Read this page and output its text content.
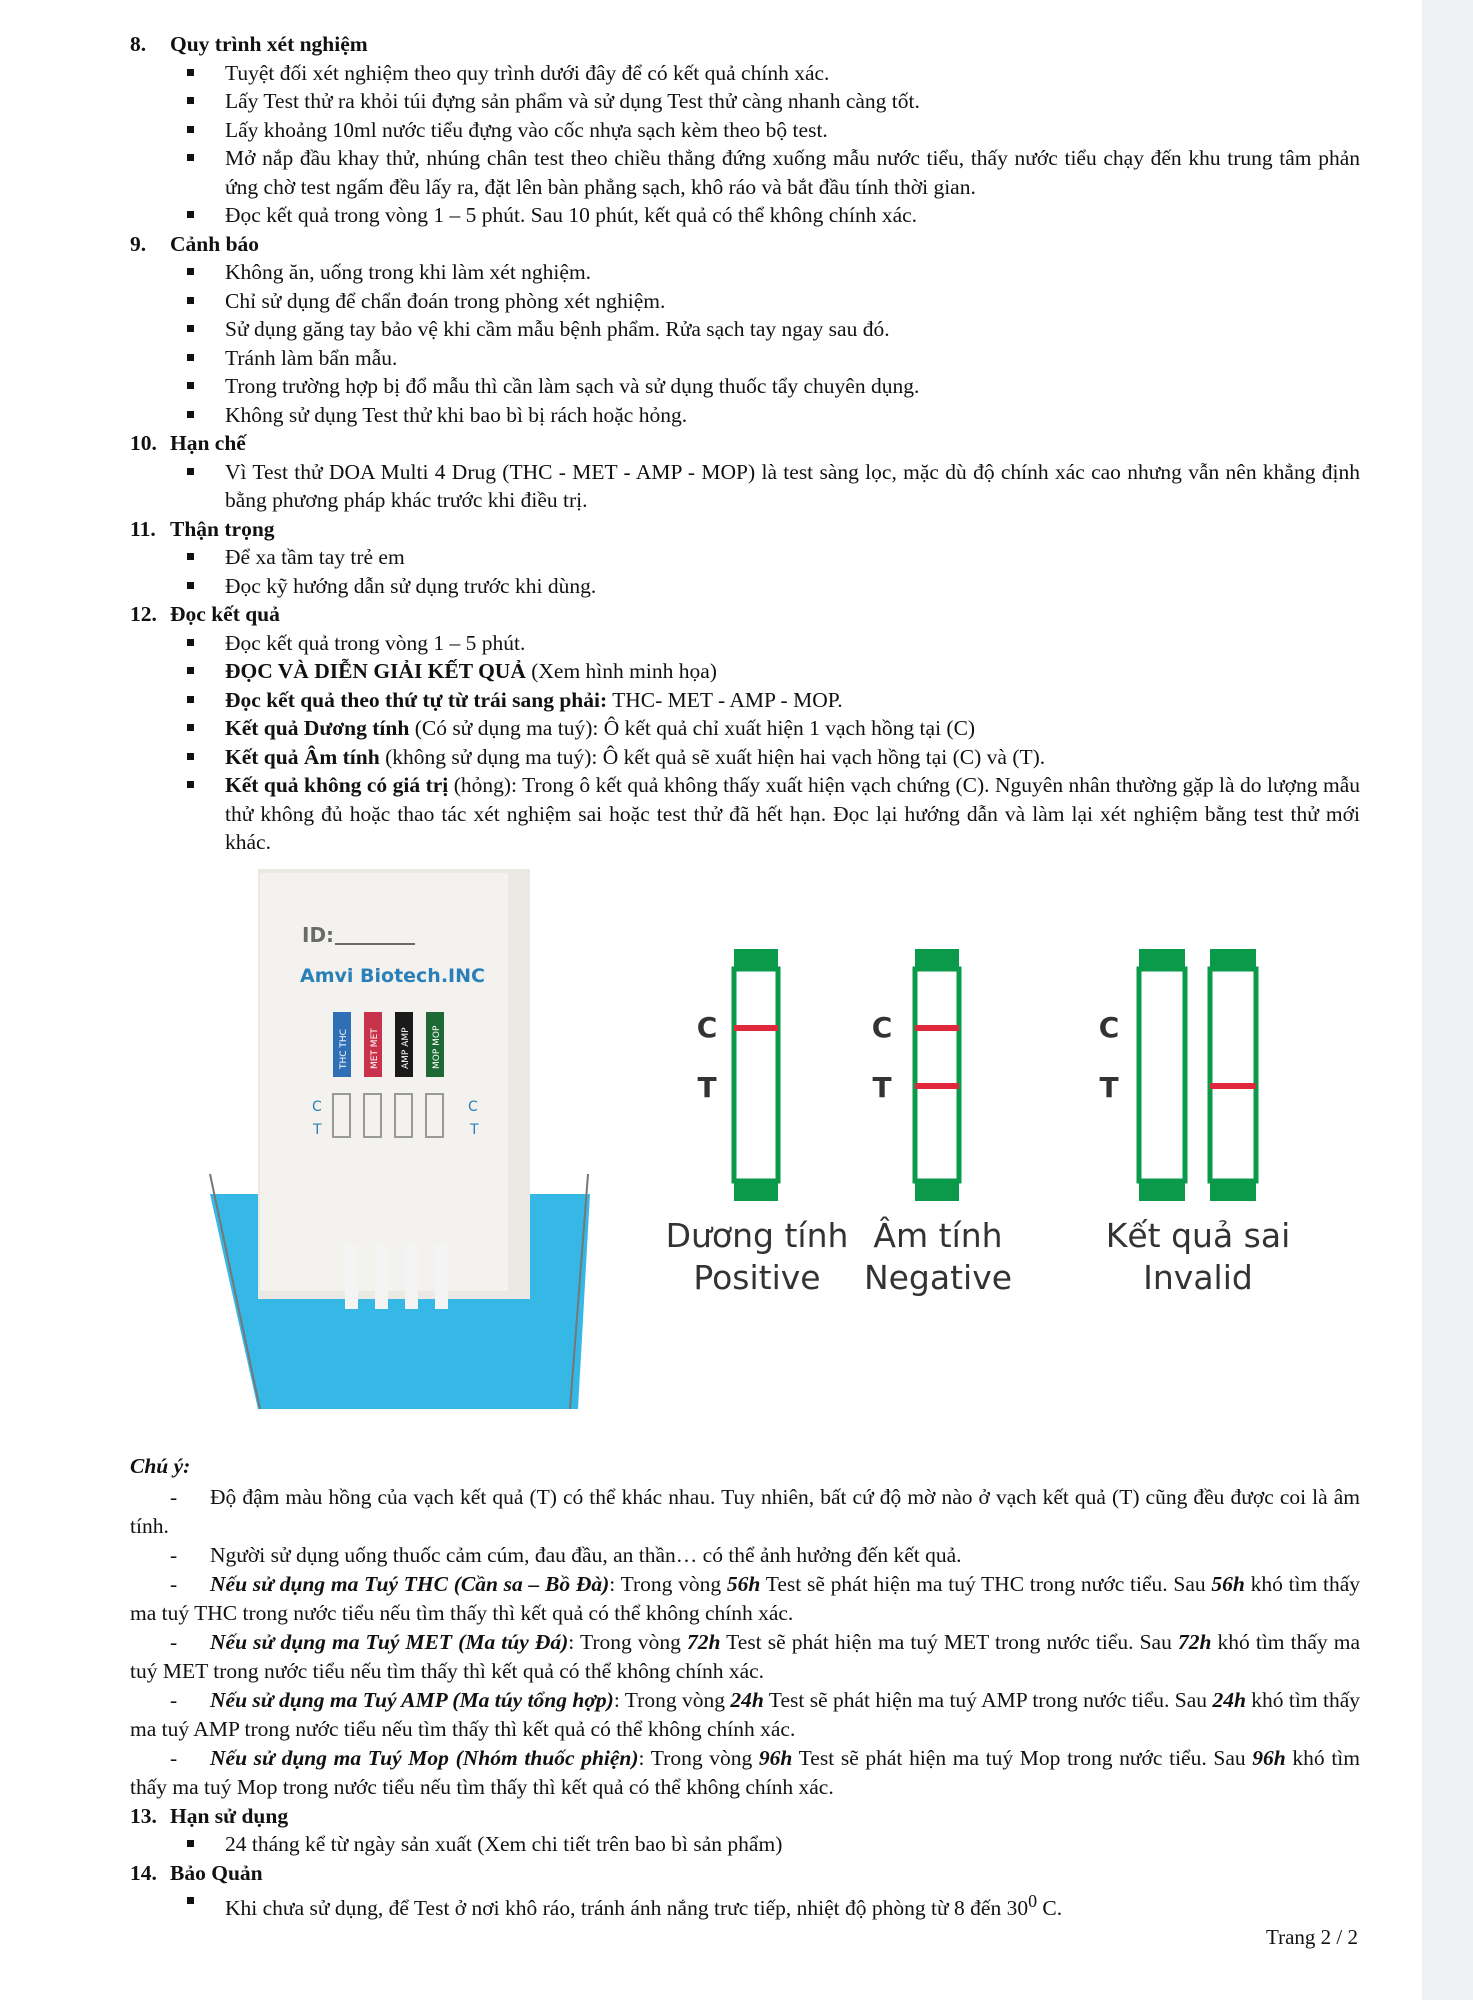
8. Quy trình xét nghiệm
Tuyệt đối xét nghiệm theo quy trình dưới đây để có kết quả chính xác.
Lấy Test thử ra khỏi túi đựng sản phẩm và sử dụng Test thử càng nhanh càng tốt.
Lấy khoảng 10ml nước tiểu đựng vào cốc nhựa sạch kèm theo bộ test.
Mở nắp đầu khay thử, nhúng chân test theo chiều thẳng đứng xuống mẫu nước tiểu, thấy nước tiểu chạy đến khu trung tâm phản ứng chờ test ngấm đều lấy ra, đặt lên bàn phẳng sạch, khô ráo và bắt đầu tính thời gian.
Đọc kết quả trong vòng 1 – 5 phút. Sau 10 phút, kết quả có thể không chính xác.
9. Cảnh báo
Không ăn, uống trong khi làm xét nghiệm.
Chỉ sử dụng để chẩn đoán trong phòng xét nghiệm.
Sử dụng găng tay bảo vệ khi cầm mẫu bệnh phẩm. Rửa sạch tay ngay sau đó.
Tránh làm bẩn mẫu.
Trong trường hợp bị đổ mẫu thì cần làm sạch và sử dụng thuốc tẩy chuyên dụng.
Không sử dụng Test thử khi bao bì bị rách hoặc hỏng.
10. Hạn chế
Vì Test thử DOA Multi 4 Drug (THC - MET - AMP - MOP) là test sàng lọc, mặc dù độ chính xác cao nhưng vẫn nên khẳng định bằng phương pháp khác trước khi điều trị.
11. Thận trọng
Để xa tầm tay trẻ em
Đọc kỹ hướng dẫn sử dụng trước khi dùng.
12. Đọc kết quả
Đọc kết quả trong vòng 1 – 5 phút.
ĐỌC VÀ DIỄN GIẢI KẾT QUẢ (Xem hình minh họa)
Đọc kết quả theo thứ tự từ trái sang phải: THC- MET - AMP - MOP.
Kết quả Dương tính (Có sử dụng ma tuý): Ô kết quả chỉ xuất hiện 1 vạch hồng tại (C)
Kết quả Âm tính (không sử dụng ma tuý): Ô kết quả sẽ xuất hiện hai vạch hồng tại (C) và (T).
Kết quả không có giá trị (hỏng): Trong ô kết quả không thấy xuất hiện vạch chứng (C). Nguyên nhân thường gặp là do lượng mẫu thử không đủ hoặc thao tác xét nghiệm sai hoặc test thử đã hết hạn. Đọc lại hướng dẫn và làm lại xét nghiệm bằng test thử mới khác.
ID:
Amvi Biotech.INC
THC THC MET MET AMP AMP MOP MOP
C
T
C
T
C
T
C
T
C
T
Dương tính
Positive
Âm tính
Negative
Kết quả sai
Invalid
Chú ý:

- Độ đậm màu hồng của vạch kết quả (T) có thể khác nhau. Tuy nhiên, bất cứ độ mờ nào ở vạch kết quả (T) cũng đều được coi là âm tính.

- Người sử dụng uống thuốc cảm cúm, đau đầu, an thần… có thể ảnh hưởng đến kết quả.

- Nếu sử dụng ma Tuý THC (Cần sa – Bồ Đà): Trong vòng 56h Test sẽ phát hiện ma tuý THC trong nước tiểu. Sau 56h khó tìm thấy ma tuý THC trong nước tiểu nếu tìm thấy thì kết quả có thể không chính xác.

- Nếu sử dụng ma Tuý MET (Ma túy Đá): Trong vòng 72h Test sẽ phát hiện ma tuý MET trong nước tiểu. Sau 72h khó tìm thấy ma tuý MET trong nước tiểu nếu tìm thấy thì kết quả có thể không chính xác.

- Nếu sử dụng ma Tuý AMP (Ma túy tổng hợp): Trong vòng 24h Test sẽ phát hiện ma tuý AMP trong nước tiểu. Sau 24h khó tìm thấy ma tuý AMP trong nước tiểu nếu tìm thấy thì kết quả có thể không chính xác.

- Nếu sử dụng ma Tuý Mop (Nhóm thuốc phiện): Trong vòng 96h Test sẽ phát hiện ma tuý Mop trong nước tiểu. Sau 96h khó tìm thấy ma tuý Mop trong nước tiểu nếu tìm thấy thì kết quả có thể không chính xác.

13. Hạn sử dụng
24 tháng kể từ ngày sản xuất (Xem chi tiết trên bao bì sản phẩm)
14. Bảo Quản
Khi chưa sử dụng, để Test ở nơi khô ráo, tránh ánh nắng trưc tiếp, nhiệt độ phòng từ 8 đến $30^0$ C.
Trang 2 / 2
